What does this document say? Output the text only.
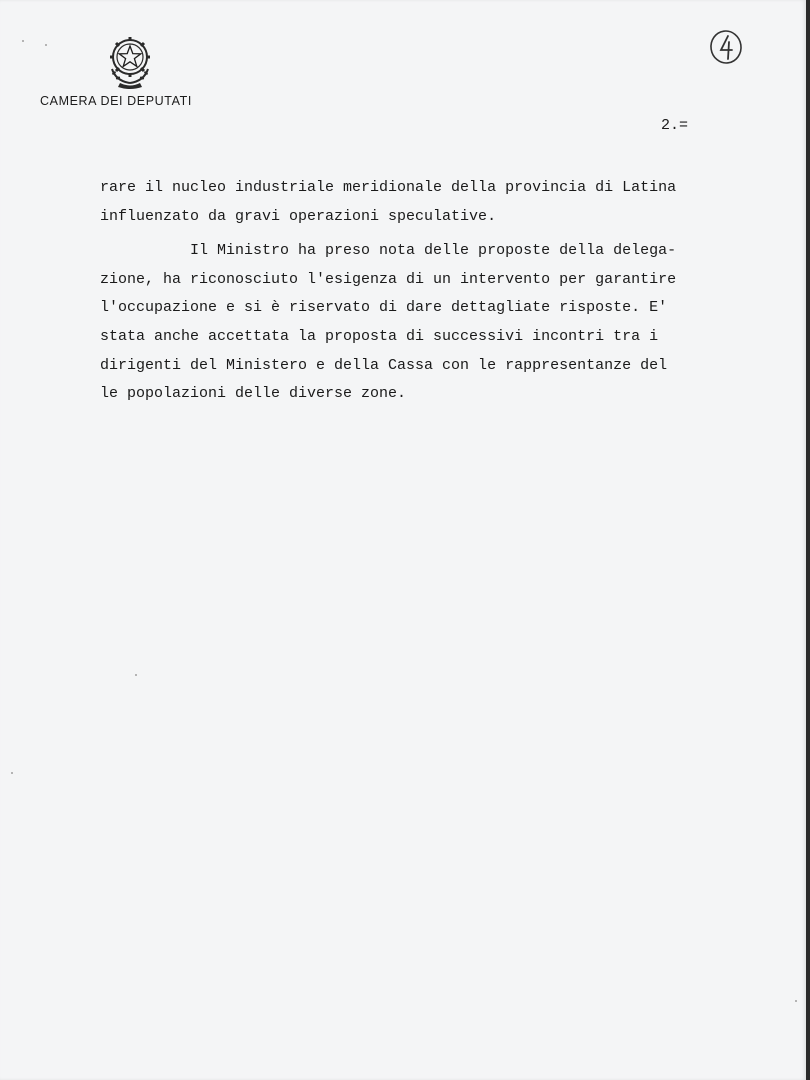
CAMERA DEI DEPUTATI
2.=
rare il nucleo industriale meridionale della provincia di Latina
influenzato da gravi operazioni speculative.
Il Ministro ha preso nota delle proposte della delega-
zione, ha riconosciuto l'esigenza di un intervento per garantire
l'occupazione e si è riservato di dare dettagliate risposte. E'
stata anche accettata la proposta di successivi incontri tra i
dirigenti del Ministero e della Cassa con le rappresentanze del
le popolazioni delle diverse zone.
